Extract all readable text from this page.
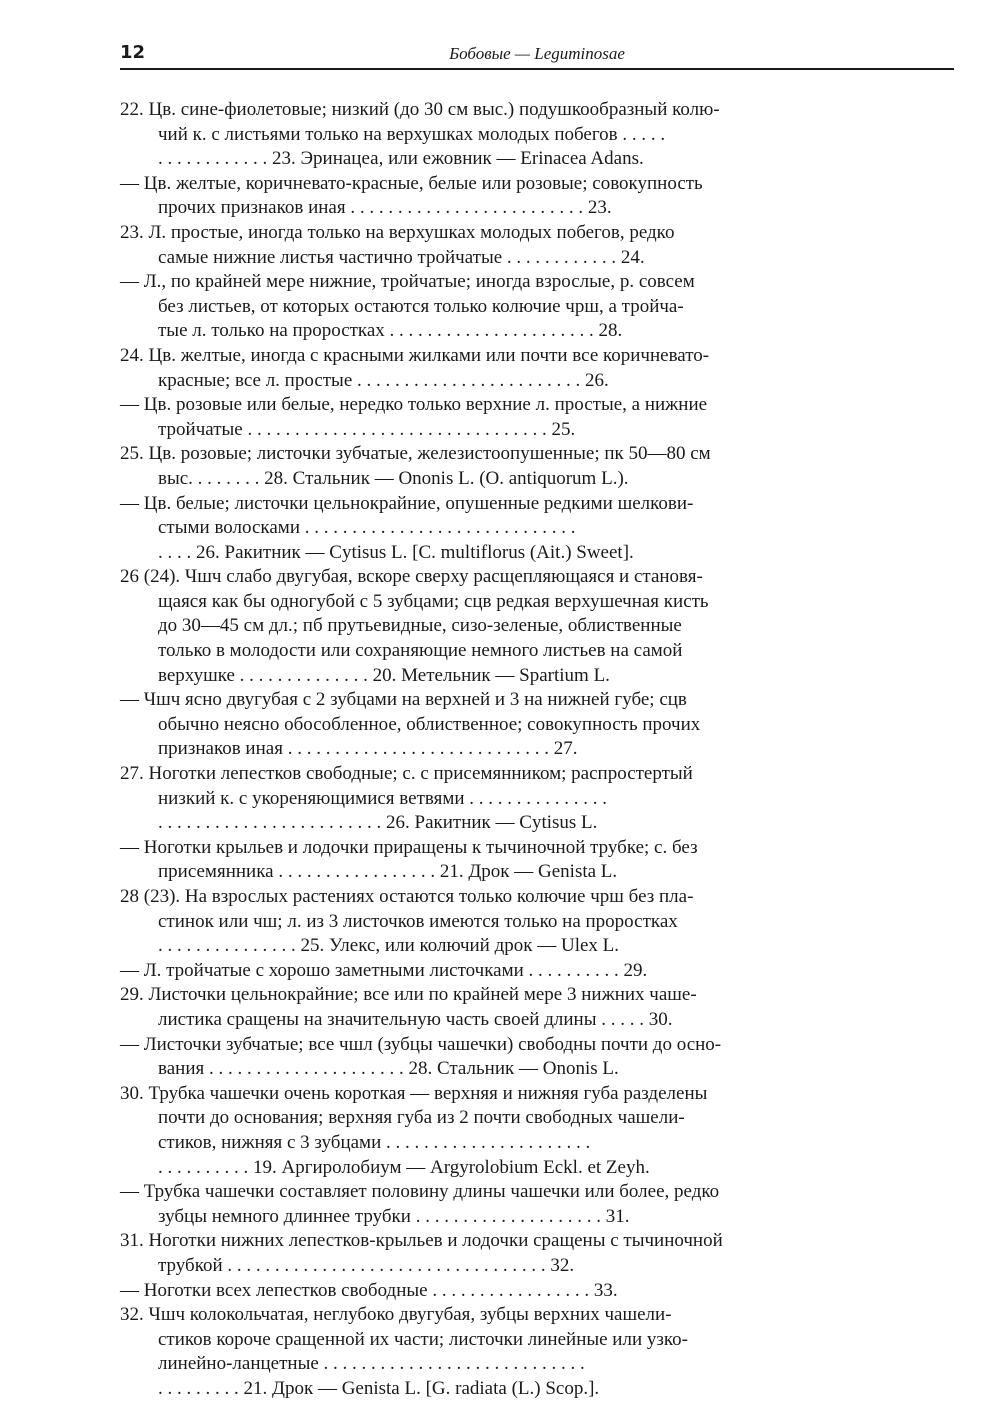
12	Бобовые — Leguminosae
22. Цв. сине-фиолетовые; низкий (до 30 см выс.) подушкообразный колю-
чий к. с листьями только на верхушках молодых побегов . . . . .
. . . . . . . . . . . . 23. Эринацеа, или ежовник — Erinacea Adans.
— Цв. желтые, коричневато-красные, белые или розовые; совокупность
прочих признаков иная . . . . . . . . . . . . . . . . . . . . . . . . . 23.
23. Л. простые, иногда только на верхушках молодых побегов, редко
самые нижние листья частично тройчатые . . . . . . . . . . . . 24.
— Л., по крайней мере нижние, тройчатые; иногда взрослые, р. совсем
без листьев, от которых остаются только колючие чрш, а тройча-
тые л. только на проростках . . . . . . . . . . . . . . . . . . . . . . 28.
24. Цв. желтые, иногда с красными жилками или почти все коричневато-
красные; все л. простые . . . . . . . . . . . . . . . . . . . . . . . . 26.
— Цв. розовые или белые, нередко только верхние л. простые, а нижние
тройчатые . . . . . . . . . . . . . . . . . . . . . . . . . . . . . . . . 25.
25. Цв. розовые; листочки зубчатые, железистоопушенные; пк 50—80 см
выс. . . . . . . . 28. Стальник — Ononis L. (O. antiquorum L.).
— Цв. белые; листочки цельнокрайние, опушенные редкими шелкови-
стыми волосками . . . . . . . . . . . . . . . . . . . . . . . . . . . . .
. . . . 26. Ракитник — Cytisus L. [C. multiflorus (Ait.) Sweet].
26 (24). Чшч слабо двугубая, вскоре сверху расщепляющаяся и становя-
щаяся как бы одногубой с 5 зубцами; сцв редкая верхушечная кисть
до 30—45 см дл.; пб прутьевидные, сизо-зеленые, облиственные
только в молодости или сохраняющие немного листьев на самой
верхушке . . . . . . . . . . . . . . 20. Метельник — Spartium L.
— Чшч ясно двугубая с 2 зубцами на верхней и 3 на нижней губе; сцв
обычно неясно обособленное, облиственное; совокупность прочих
признаков иная . . . . . . . . . . . . . . . . . . . . . . . . . . . . 27.
27. Ноготки лепестков свободные; с. с присемянником; распростертый
низкий к. с укореняющимися ветвями . . . . . . . . . . . . . . .
. . . . . . . . . . . . . . . . . . . . . . . . 26. Ракитник — Cytisus L.
— Ноготки крыльев и лодочки приращены к тычиночной трубке; с. без
присемянника . . . . . . . . . . . . . . . . . 21. Дрок — Genista L.
28 (23). На взрослых растениях остаются только колючие чрш без пла-
стинок или чш; л. из 3 листочков имеются только на проростках
. . . . . . . . . . . . . . . 25. Улекс, или колючий дрок — Ulex L.
— Л. тройчатые с хорошо заметными листочками . . . . . . . . . . 29.
29. Листочки цельнокрайние; все или по крайней мере 3 нижних чаше-
листика сращены на значительную часть своей длины . . . . . 30.
— Листочки зубчатые; все чшл (зубцы чашечки) свободны почти до осно-
вания . . . . . . . . . . . . . . . . . . . . . 28. Стальник — Ononis L.
30. Трубка чашечки очень короткая — верхняя и нижняя губа разделены
почти до основания; верхняя губа из 2 почти свободных чашели-
стиков, нижняя с 3 зубцами . . . . . . . . . . . . . . . . . . . . . .
. . . . . . . . . . 19. Аргиролобиум — Argyrolobium Eckl. et Zeyh.
— Трубка чашечки составляет половину длины чашечки или более, редко
зубцы немного длиннее трубки . . . . . . . . . . . . . . . . . . . . 31.
31. Ноготки нижних лепестков-крыльев и лодочки сращены с тычиночной
трубкой . . . . . . . . . . . . . . . . . . . . . . . . . . . . . . . . . . 32.
— Ноготки всех лепестков свободные . . . . . . . . . . . . . . . . . 33.
32. Чшч колокольчатая, неглубоко двугубая, зубцы верхних чашели-
стиков короче сращенной их части; листочки линейные или узко-
линейно-ланцетные . . . . . . . . . . . . . . . . . . . . . . . . . . . .
. . . . . . . . . 21. Дрок — Genista L. [G. radiata (L.) Scop.].
